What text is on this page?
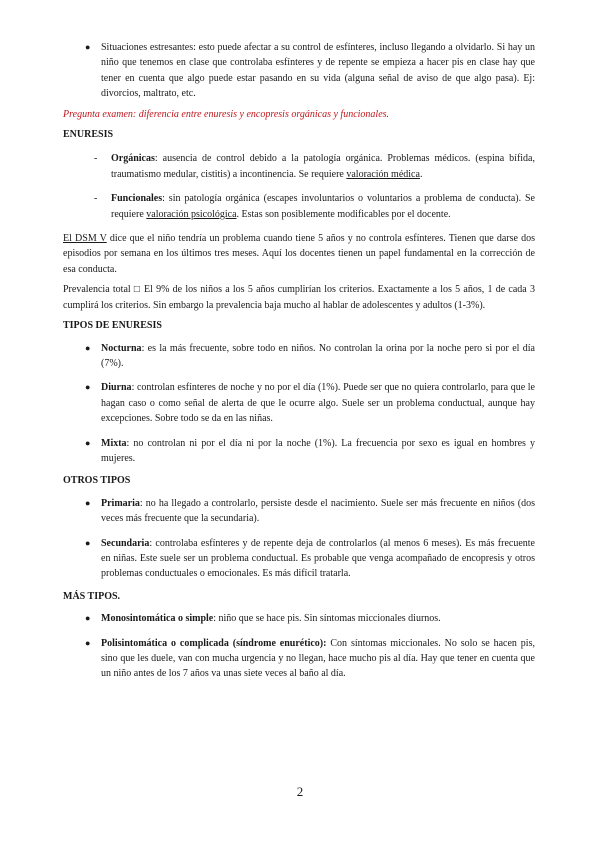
● Situaciones estresantes: esto puede afectar a su control de esfínteres, incluso llegando a olvidarlo. Si hay un niño que tenemos en clase que controlaba esfínteres y de repente se empieza a hacer pis en clase hay que tener en cuenta que algo puede estar pasando en su vida (alguna señal de aviso de que algo pasa). Ej: divorcios, maltrato, etc.

Pregunta examen: diferencia entre enuresis y encopresis orgánicas y funcionales.

ENURESIS

- Orgánicas: ausencia de control debido a la patología orgánica. Problemas médicos. (espina bífida, traumatismo medular, cistitis) a incontinencia. Se requiere valoración médica.

- Funcionales: sin patología orgánica (escapes involuntarios o voluntarios a problema de conducta). Se requiere valoración psicológica. Estas son posiblemente modificables por el docente.

El DSM V dice que el niño tendría un problema cuando tiene 5 años y no controla esfínteres. Tienen que darse dos episodios por semana en los últimos tres meses. Aquí los docentes tienen un papel fundamental en la corrección de esa conducta.

Prevalencia total □ El 9% de los niños a los 5 años cumplirían los criterios. Exactamente a los 5 años, 1 de cada 3 cumplirá los criterios. Sin embargo la prevalencia baja mucho al hablar de adolescentes y adultos (1-3%).

TIPOS DE ENURESIS

● Nocturna: es la más frecuente, sobre todo en niños. No controlan la orina por la noche pero si por el día (7%).

● Diurna: controlan esfínteres de noche y no por el día (1%). Puede ser que no quiera controlarlo, para que le hagan caso o como señal de alerta de que le ocurre algo. Suele ser un problema conductual, aunque hay excepciones. Sobre todo se da en las niñas.

● Mixta: no controlan ni por el día ni por la noche (1%). La frecuencia por sexo es igual en hombres y mujeres.

OTROS TIPOS

● Primaria: no ha llegado a controlarlo, persiste desde el nacimiento. Suele ser más frecuente en niños (dos veces más frecuente que la secundaria).

● Secundaria: controlaba esfínteres y de repente deja de controlarlos (al menos 6 meses). Es más frecuente en niñas. Este suele ser un problema conductual. Es probable que venga acompañado de encopresis y otros problemas conductuales o emocionales. Es más difícil tratarla.

MÁS TIPOS.

● Monosintomática o simple: niño que se hace pis. Sin síntomas miccionales diurnos.

● Polisintomática o complicada (síndrome enurético): Con síntomas miccionales. No solo se hacen pis, sino que les duele, van con mucha urgencia y no llegan, hace mucho pis al día. Hay que tener en cuenta que un niño antes de los 7 años va unas siete veces al baño al día.

2
